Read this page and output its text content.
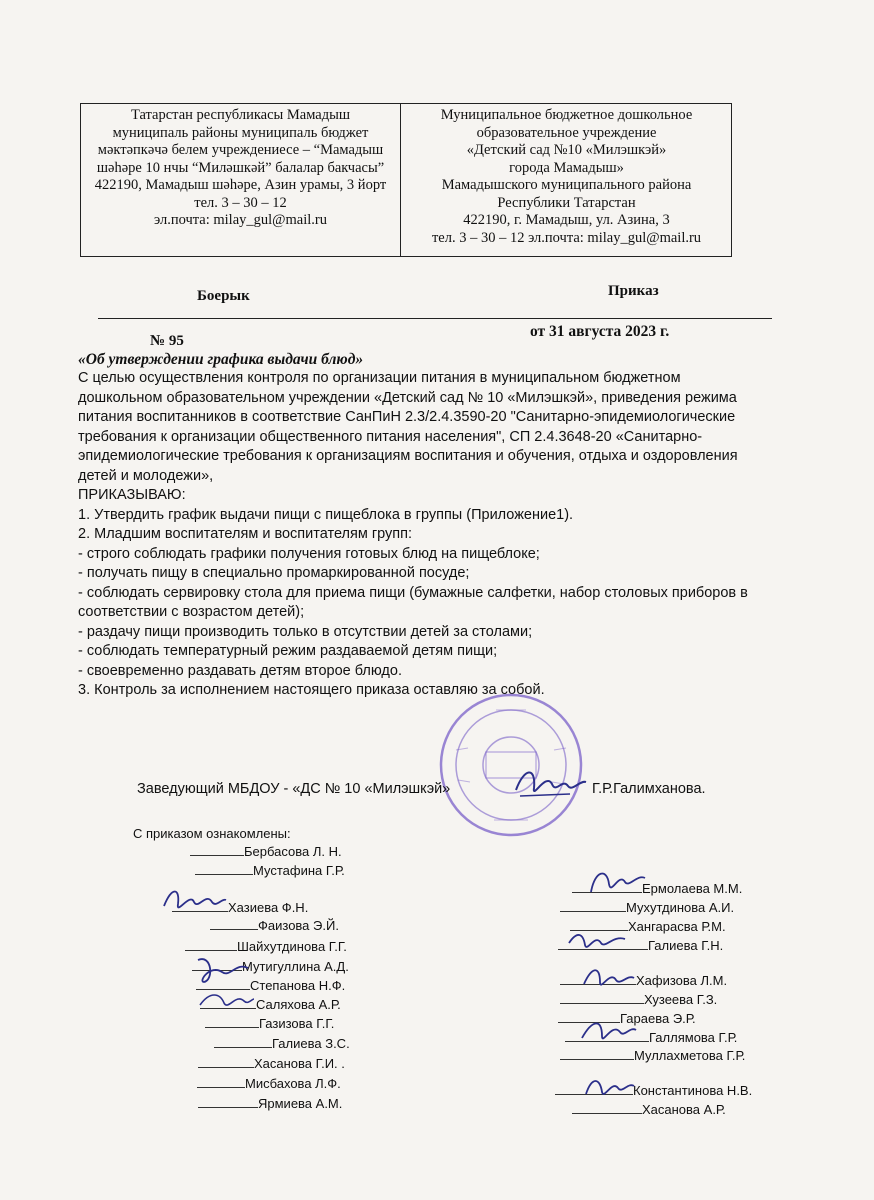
Татарстан республикасы Мамадыш
муниципаль районы муниципаль бюджет
мәктәпкәчә белем учреждениесе – “Мамадыш
шәһәре 10 нчы “Миләшкәй” балалар бакчасы”
422190, Мамадыш шәһәре, Азин урамы, 3 йорт
тел. 3 – 30 – 12
эл.почта: milay_gul@mail.ru
Муниципальное бюджетное дошкольное
образовательное учреждение
«Детский сад №10 «Милэшкэй»
города Мамадыш»
Мамадышского муниципального района
Республики Татарстан
422190, г. Мамадыш, ул. Азина, 3
тел. 3 – 30 – 12 эл.почта: milay_gul@mail.ru
Боерык	Приказ
№ 95
от 31 августа 2023 г.
«Об утверждении графика выдачи блюд»
С целью осуществления контроля по организации питания в муниципальном бюджетном
дошкольном образовательном учреждении «Детский сад № 10 «Милэшкэй», приведения режима
питания воспитанников в соответствие СанПиН 2.3/2.4.3590-20 "Санитарно-эпидемиологические
требования к организации общественного питания населения", СП 2.4.3648-20 «Санитарно-
эпидемиологические требования к организациям воспитания и обучения, отдыха и оздоровления
детей и молодежи»,
ПРИКАЗЫВАЮ:
1. Утвердить график выдачи пищи с пищеблока в группы (Приложение1).
2. Младшим воспитателям и воспитателям групп:
- строго соблюдать графики получения готовых блюд на пищеблоке;
- получать пищу в специально промаркированной посуде;
- соблюдать сервировку стола для приема пищи (бумажные салфетки, набор столовых приборов в
соответствии с возрастом детей);
- раздачу пищи производить только в отсутствии детей за столами;
- соблюдать температурный режим раздаваемой детям пищи;
- своевременно раздавать детям второе блюдо.
3. Контроль за исполнением настоящего приказа оставляю за собой.
Заведующий МБДОУ - «ДС № 10 «Милэшкэй»	Г.Р.Галимханова.
С приказом ознакомлены:
Бербасова Л. Н.
Мустафина Г.Р.
Хазиева Ф.Н.
Фаизова Э.Й.
Шайхутдинова Г.Г.
Мутигуллина А.Д.
Степанова Н.Ф.
Саляхова А.Р.
Газизова Г.Г.
Галиева З.С.
Хасанова Г.И. .
Мисбахова Л.Ф.
Ярмиева А.М.
Ермолаева М.М.
Мухутдинова А.И.
Хангарасва Р.М.
Галиева Г.Н.
Хафизова Л.М.
Хузеева Г.З.
Гараева Э.Р.
Галлямова Г.Р.
Муллахметова Г.Р.
Константинова Н.В.
Хасанова А.Р.
